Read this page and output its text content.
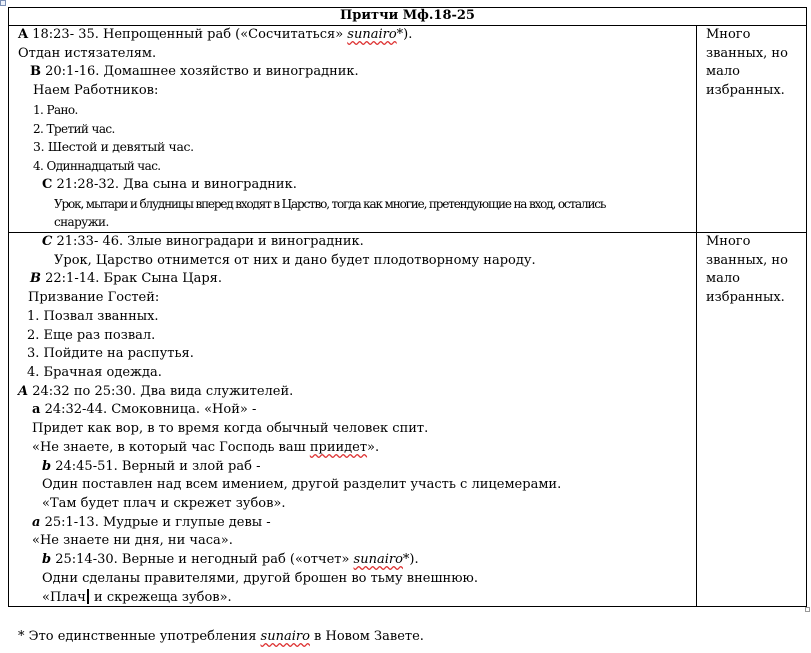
Притчи Мф.18-25
A 18:23- 35. Непрощенный раб («Сосчитаться» sunairo*).
Отдан истязателям.
B 20:1-16. Домашнее хозяйство и виноградник.
Наем Работников:
1. Рано.
2. Третий час.
3. Шестой и девятый час.
4. Одиннадцатый час.
C 21:28-32. Два сына и виноградник.
Урок, мытари и блудницы вперед входят в Царство, тогда как многие, претендующие на вход, остались
снаружи.
Много
званных, но
мало
избранных.
C 21:33- 46. Злые виноградари и виноградник.
Урок, Царство отнимется от них и дано будет плодотворному народу.
B 22:1-14. Брак Сына Царя.
Призвание Гостей:
1. Позвал званных.
2. Еще раз позвал.
3. Пойдите на распутья.
4. Брачная одежда.
A 24:32 по 25:30. Два вида служителей.
a 24:32-44. Смоковница. «Ной» -
Придет как вор, в то время когда обычный человек спит.
«Не знаете, в который час Господь ваш приидет».
b 24:45-51. Верный и злой раб -
Один поставлен над всем имением, другой разделит участь с лицемерами.
«Там будет плач и скрежет зубов».
a 25:1-13. Мудрые и глупые девы -
«Не знаете ни дня, ни часа».
b 25:14-30. Верные и негодный раб («отчет» sunairo*).
Одни сделаны правителями, другой брошен во тьму внешнюю.
«Плач и скрежеща зубов».
Много
званных, но
мало
избранных.
* Это единственные употребления sunairo в Новом Завете.
